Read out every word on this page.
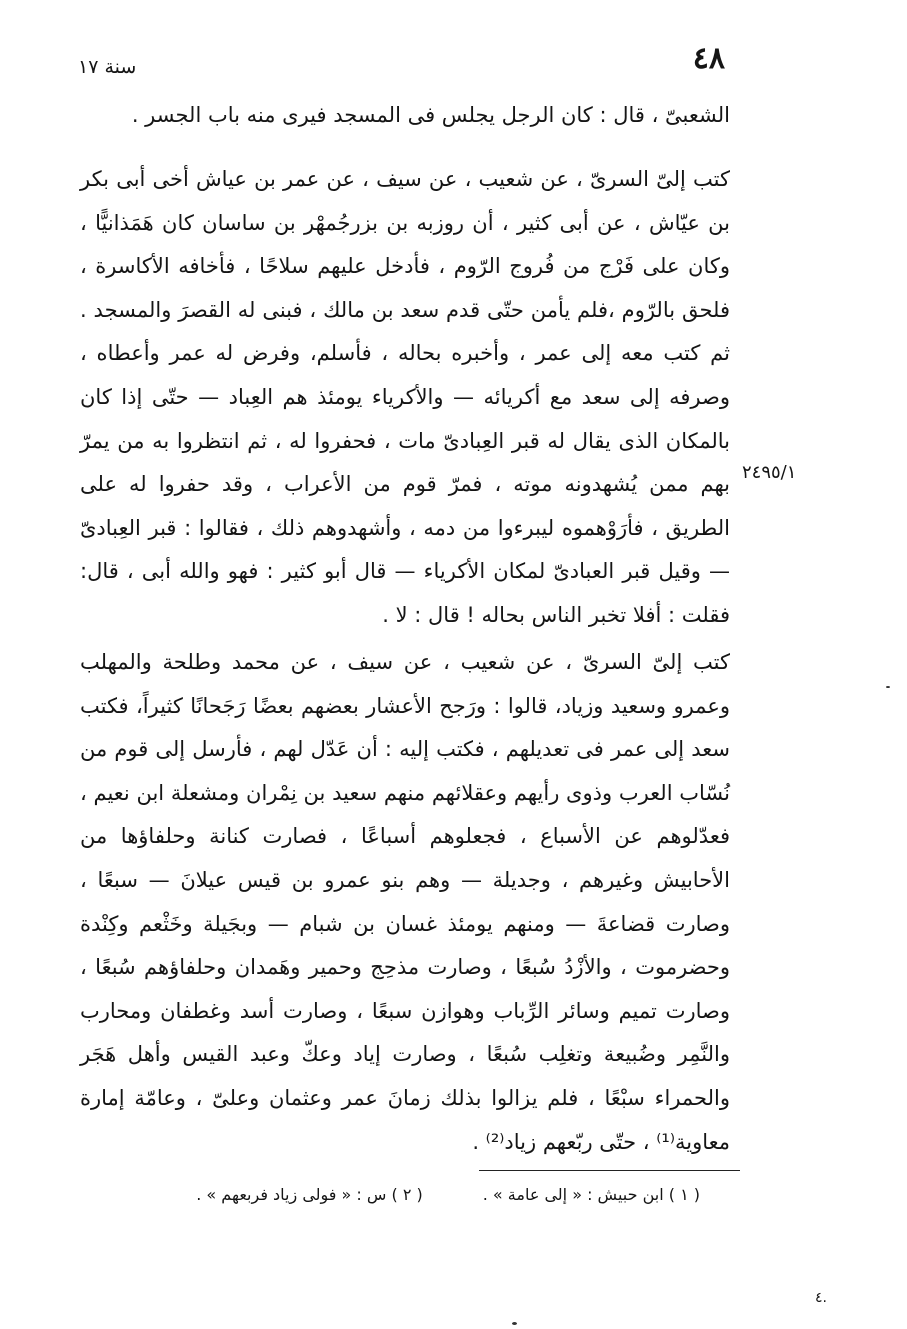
٤٨
سنة ١٧
الشعبىّ ، قال : كان الرجل يجلس فى المسجد فيرى منه باب الجسر .
كتب إلىّ السرىّ ، عن شعيب ، عن سيف ، عن عمر بن عياش أخى أبى بكر بن عيّاش ، عن أبى كثير ، أن روزبه بن بزرجُمهْر بن ساسان كان هَمَذانيًّا ، وكان على فَرْج من فُروج الرّوم ، فأدخل عليهم سلاحًا ، فأخافه الأكاسرة ، فلحق بالرّوم ،فلم يأمن حتّى قدم سعد بن مالك ، فبنى له القصرَ والمسجد . ثم كتب معه إلى عمر ، وأخبره بحاله ، فأسلم، وفرض له عمر وأعطاه ، وصرفه إلى سعد مع أكريائه — والأكرياء يومئذ هم العِباد — حتّى إذا كان بالمكان الذى يقال له قبر العِبادىّ مات ، فحفروا له ، ثم انتظروا به من يمرّ بهم ممن يُشهدونه موته ، فمرّ قوم من الأعراب ، وقد حفروا له على الطريق ، فأرَوْهموه ليبرءوا من دمه ، وأشهدوهم ذلك ، فقالوا : قبر العِبادىّ — وقيل قبر العبادىّ لمكان الأكرياء — قال أبو كثير : فهو والله أبى ، قال: فقلت : أفلا تخبر الناس بحاله ! قال : لا .
كتب إلىّ السرىّ ، عن شعيب ، عن سيف ، عن محمد وطلحة والمهلب وعمرو وسعيد وزياد، قالوا : ورَجح الأعشار بعضهم بعضًا رَجَحانًا كثيراً، فكتب سعد إلى عمر فى تعديلهم ، فكتب إليه : أن عَدّل لهم ، فأرسل إلى قوم من نُسّاب العرب وذوى رأيهم وعقلائهم منهم سعيد بن نِمْران ومشعلة ابن نعيم ، فعدّلوهم عن الأسباع ، فجعلوهم أسباعًا ، فصارت كنانة وحلفاؤها من الأحابيش وغيرهم ، وجديلة — وهم بنو عمرو بن قيس عيلانَ — سبعًا ، وصارت قضاعةَ — ومنهم يومئذ غسان بن شبام — وبجَيلة وخَثْعم وكِنْدة وحضرموت ، والأزْدُ سُبعًا ، وصارت مذحِج وحمير وهَمدان وحلفاؤهم سُبعًا ، وصارت تميم وسائر الرِّباب وهوازن سبعًا ، وصارت أسد وغطفان ومحارب والنَّمِر وضُبيعة وتغلِب سُبعًا ، وصارت إياد وعكّ وعبد القيس وأهل هَجَر والحمراء سبْعًا ، فلم يزالوا بذلك زمانَ عمر وعثمان وعلىّ ، وعامّة إمارة معاوية⁽¹⁾ ، حتّى ربّعهم زياد⁽²⁾ .
٢٤٩٥/١
( ١ ) ابن حبيش : « إلى عامة » .
( ٢ ) س : « فولى زياد فربعهم » .
٤.
